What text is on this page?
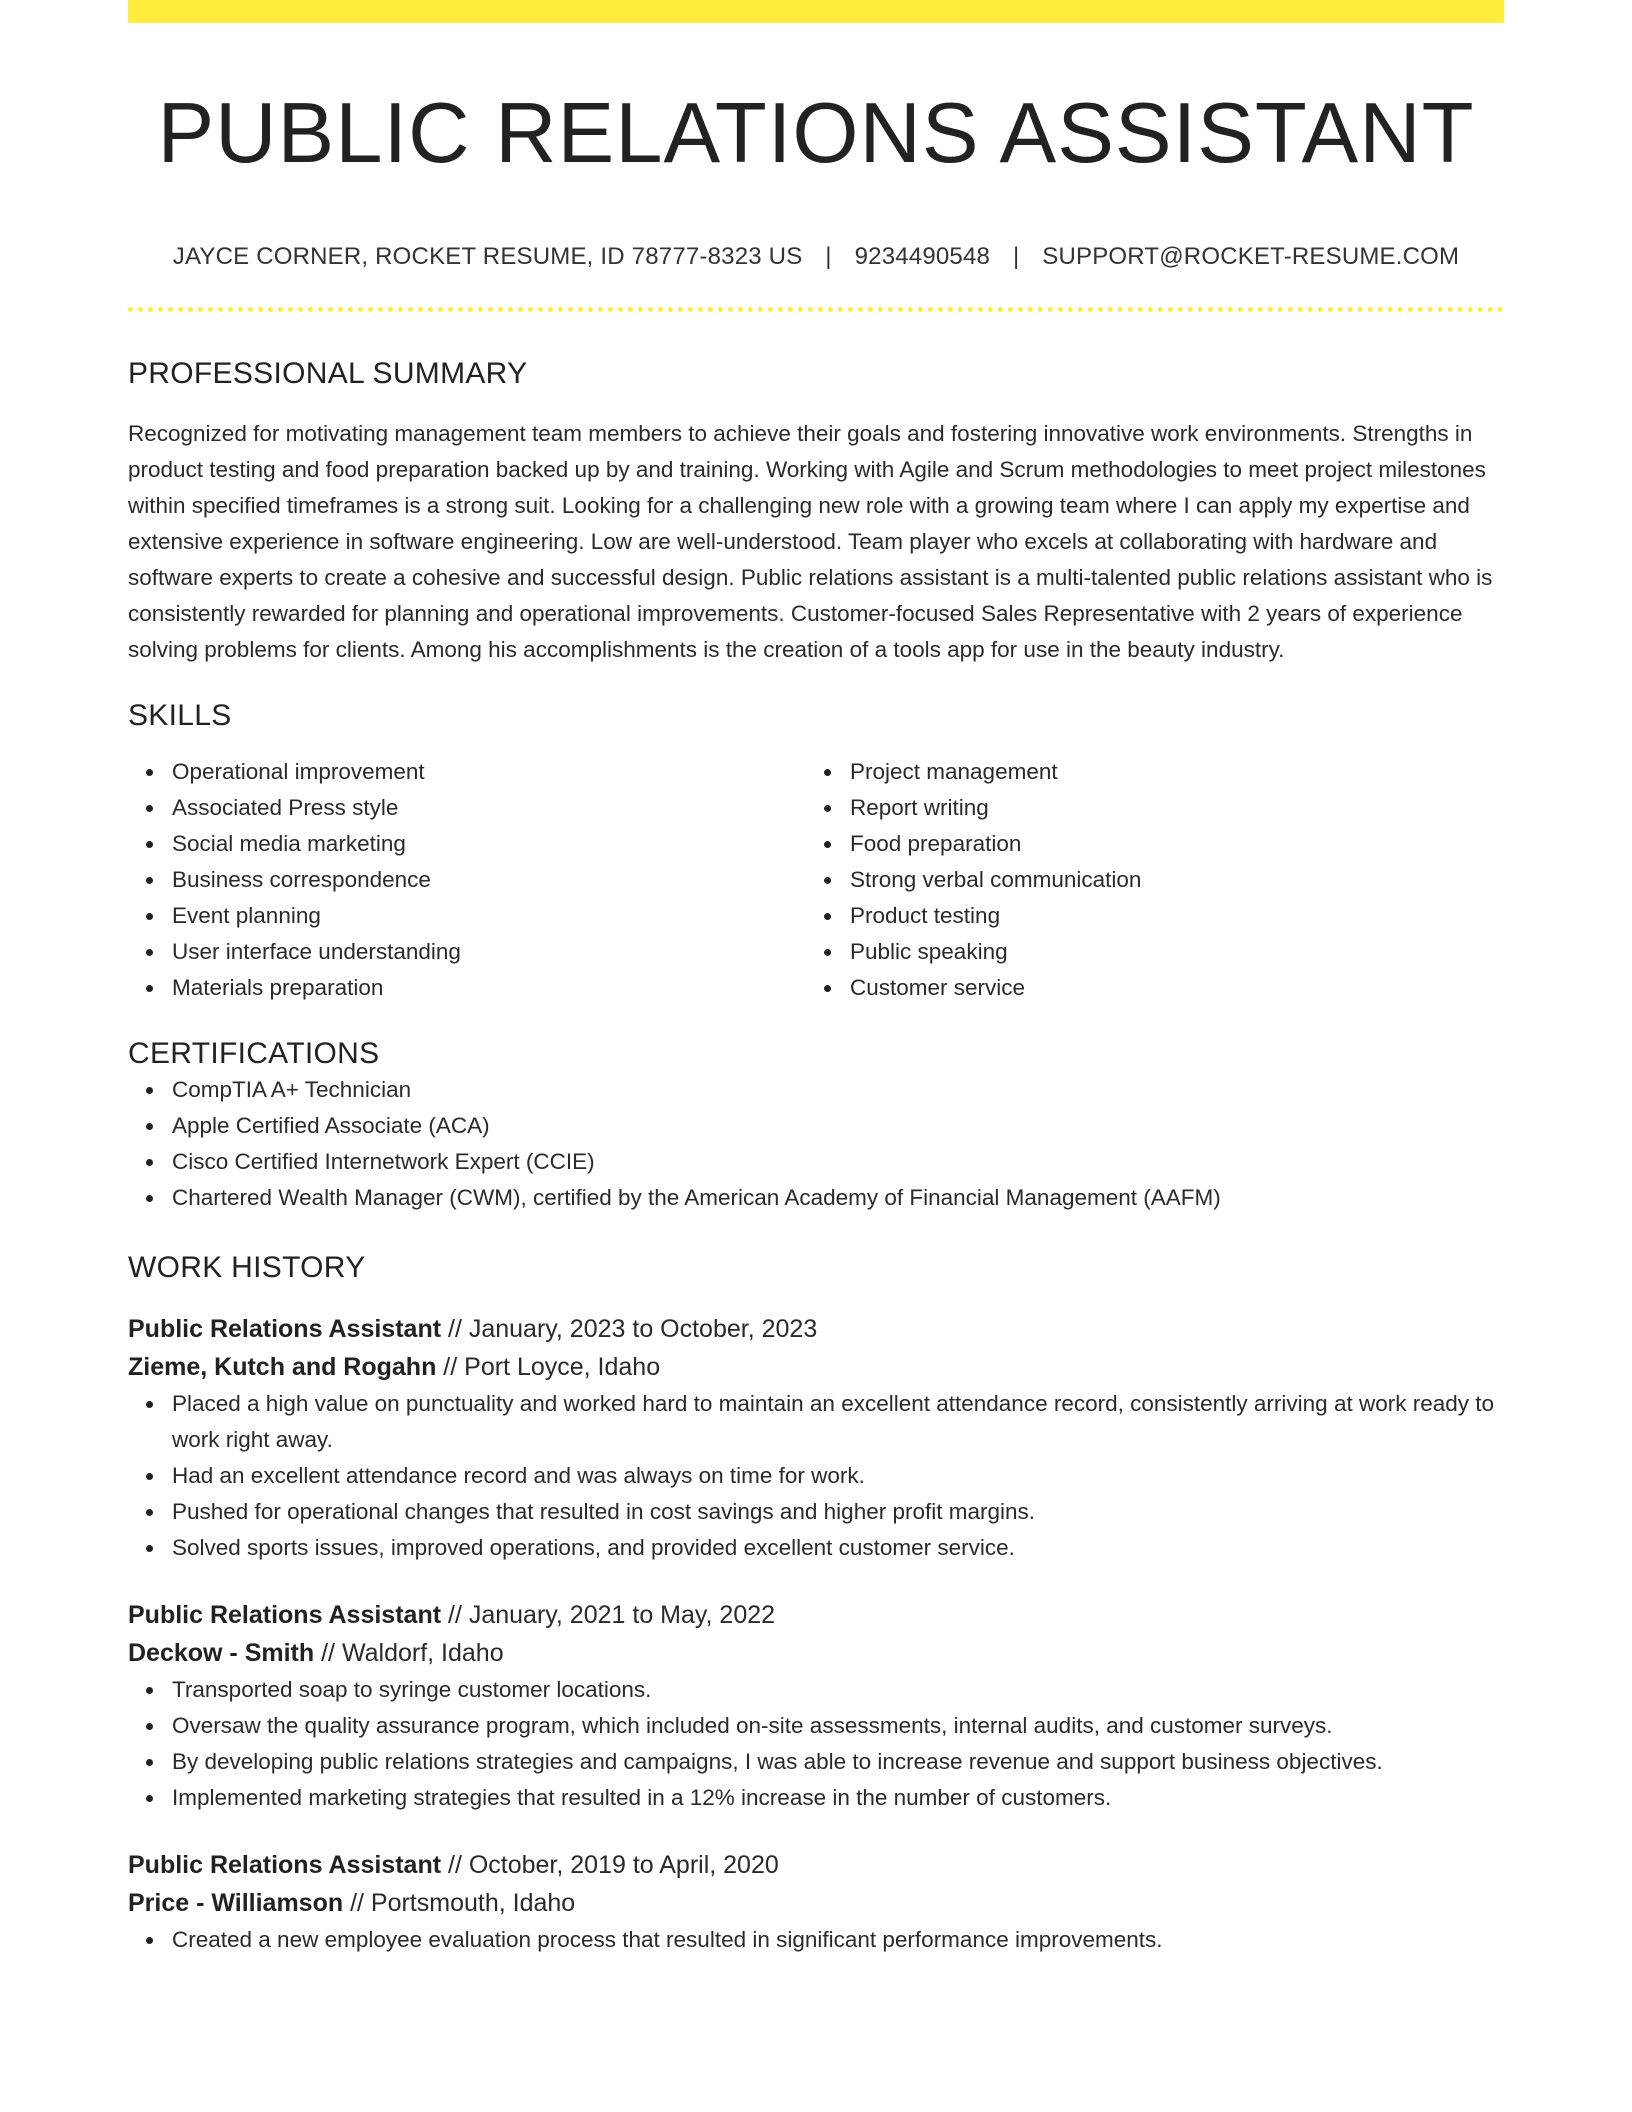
PUBLIC RELATIONS ASSISTANT
JAYCE CORNER, ROCKET RESUME, ID 78777-8323 US | 9234490548 | SUPPORT@ROCKET-RESUME.COM
PROFESSIONAL SUMMARY

Recognized for motivating management team members to achieve their goals and fostering innovative work environments. Strengths in product testing and food preparation backed up by and training. Working with Agile and Scrum methodologies to meet project milestones within specified timeframes is a strong suit. Looking for a challenging new role with a growing team where I can apply my expertise and extensive experience in software engineering. Low are well-understood. Team player who excels at collaborating with hardware and software experts to create a cohesive and successful design. Public relations assistant is a multi-talented public relations assistant who is consistently rewarded for planning and operational improvements. Customer-focused Sales Representative with 2 years of experience solving problems for clients. Among his accomplishments is the creation of a tools app for use in the beauty industry.

SKILLS
Operational improvement
Associated Press style
Social media marketing
Business correspondence
Event planning
User interface understanding
Materials preparation
Project management
Report writing
Food preparation
Strong verbal communication
Product testing
Public speaking
Customer service
CERTIFICATIONS
CompTIA A+ Technician
Apple Certified Associate (ACA)
Cisco Certified Internetwork Expert (CCIE)
Chartered Wealth Manager (CWM), certified by the American Academy of Financial Management (AAFM)
WORK HISTORY
Public Relations Assistant // January, 2023 to October, 2023
Zieme, Kutch and Rogahn // Port Loyce, Idaho
Placed a high value on punctuality and worked hard to maintain an excellent attendance record, consistently arriving at work ready to work right away.
Had an excellent attendance record and was always on time for work.
Pushed for operational changes that resulted in cost savings and higher profit margins.
Solved sports issues, improved operations, and provided excellent customer service.
Public Relations Assistant // January, 2021 to May, 2022
Deckow - Smith // Waldorf, Idaho
Transported soap to syringe customer locations.
Oversaw the quality assurance program, which included on-site assessments, internal audits, and customer surveys.
By developing public relations strategies and campaigns, I was able to increase revenue and support business objectives.
Implemented marketing strategies that resulted in a 12% increase in the number of customers.
Public Relations Assistant // October, 2019 to April, 2020
Price - Williamson // Portsmouth, Idaho
Created a new employee evaluation process that resulted in significant performance improvements.
